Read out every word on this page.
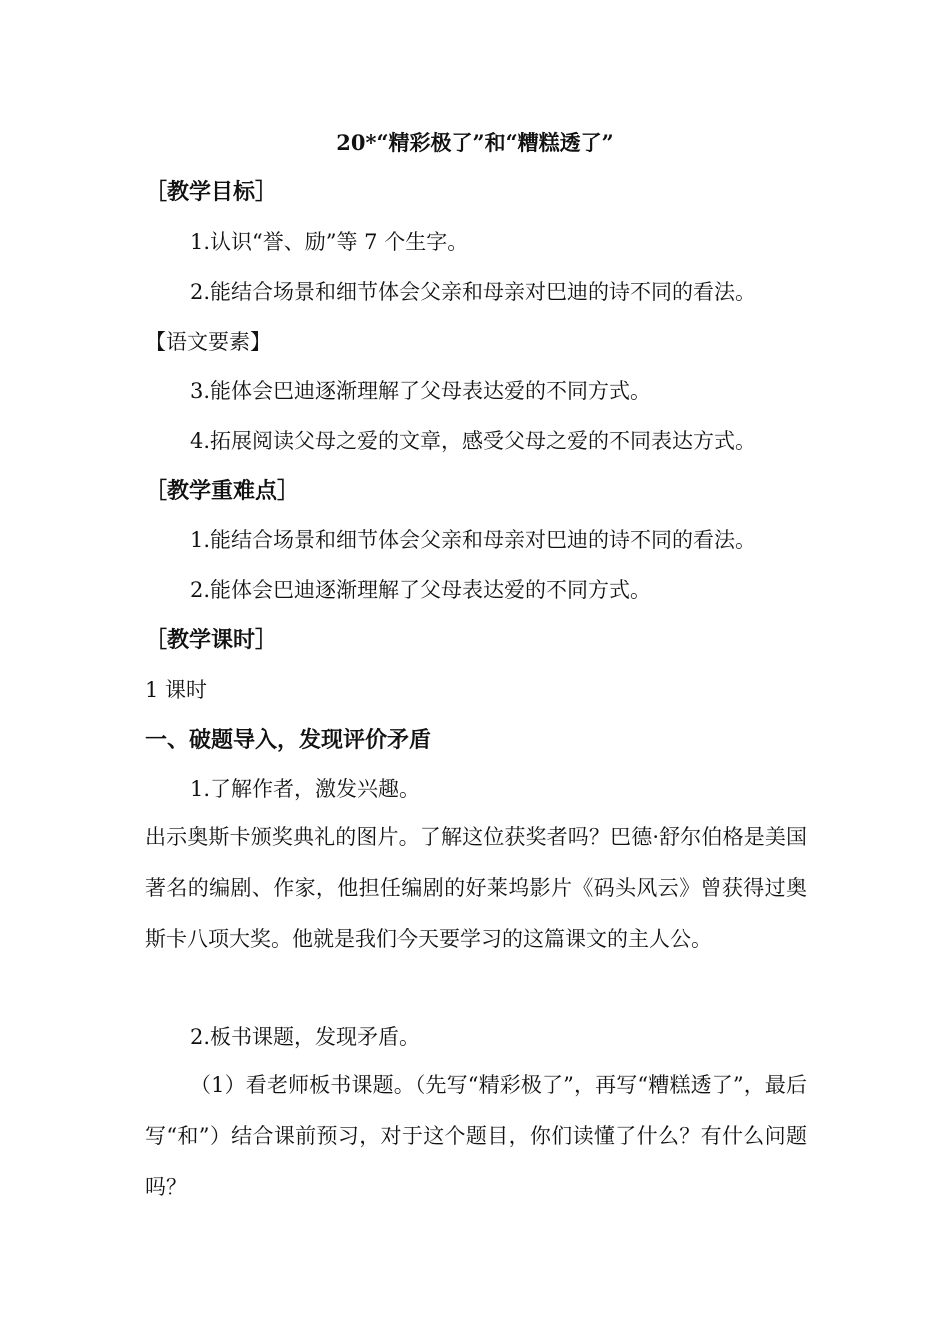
20*“精彩极了”和“糟糕透了”
［教学目标］
1.认识“誉、励”等 7 个生字。
2.能结合场景和细节体会父亲和母亲对巴迪的诗不同的看法。
【语文要素】
3.能体会巴迪逐渐理解了父母表达爱的不同方式。
4.拓展阅读父母之爱的文章，感受父母之爱的不同表达方式。
［教学重难点］
1.能结合场景和细节体会父亲和母亲对巴迪的诗不同的看法。
2.能体会巴迪逐渐理解了父母表达爱的不同方式。
［教学课时］
1 课时
一、破题导入，发现评价矛盾
1.了解作者，激发兴趣。
出示奥斯卡颁奖典礼的图片。了解这位获奖者吗？巴德·舒尔伯格是美国著名的编剧、作家，他担任编剧的好莱坞影片《码头风云》曾获得过奥斯卡八项大奖。他就是我们今天要学习的这篇课文的主人公。
2.板书课题，发现矛盾。
（1）看老师板书课题。（先写“精彩极了”，再写“糟糕透了”，最后写“和”）结合课前预习，对于这个题目，你们读懂了什么？有什么问题吗？
